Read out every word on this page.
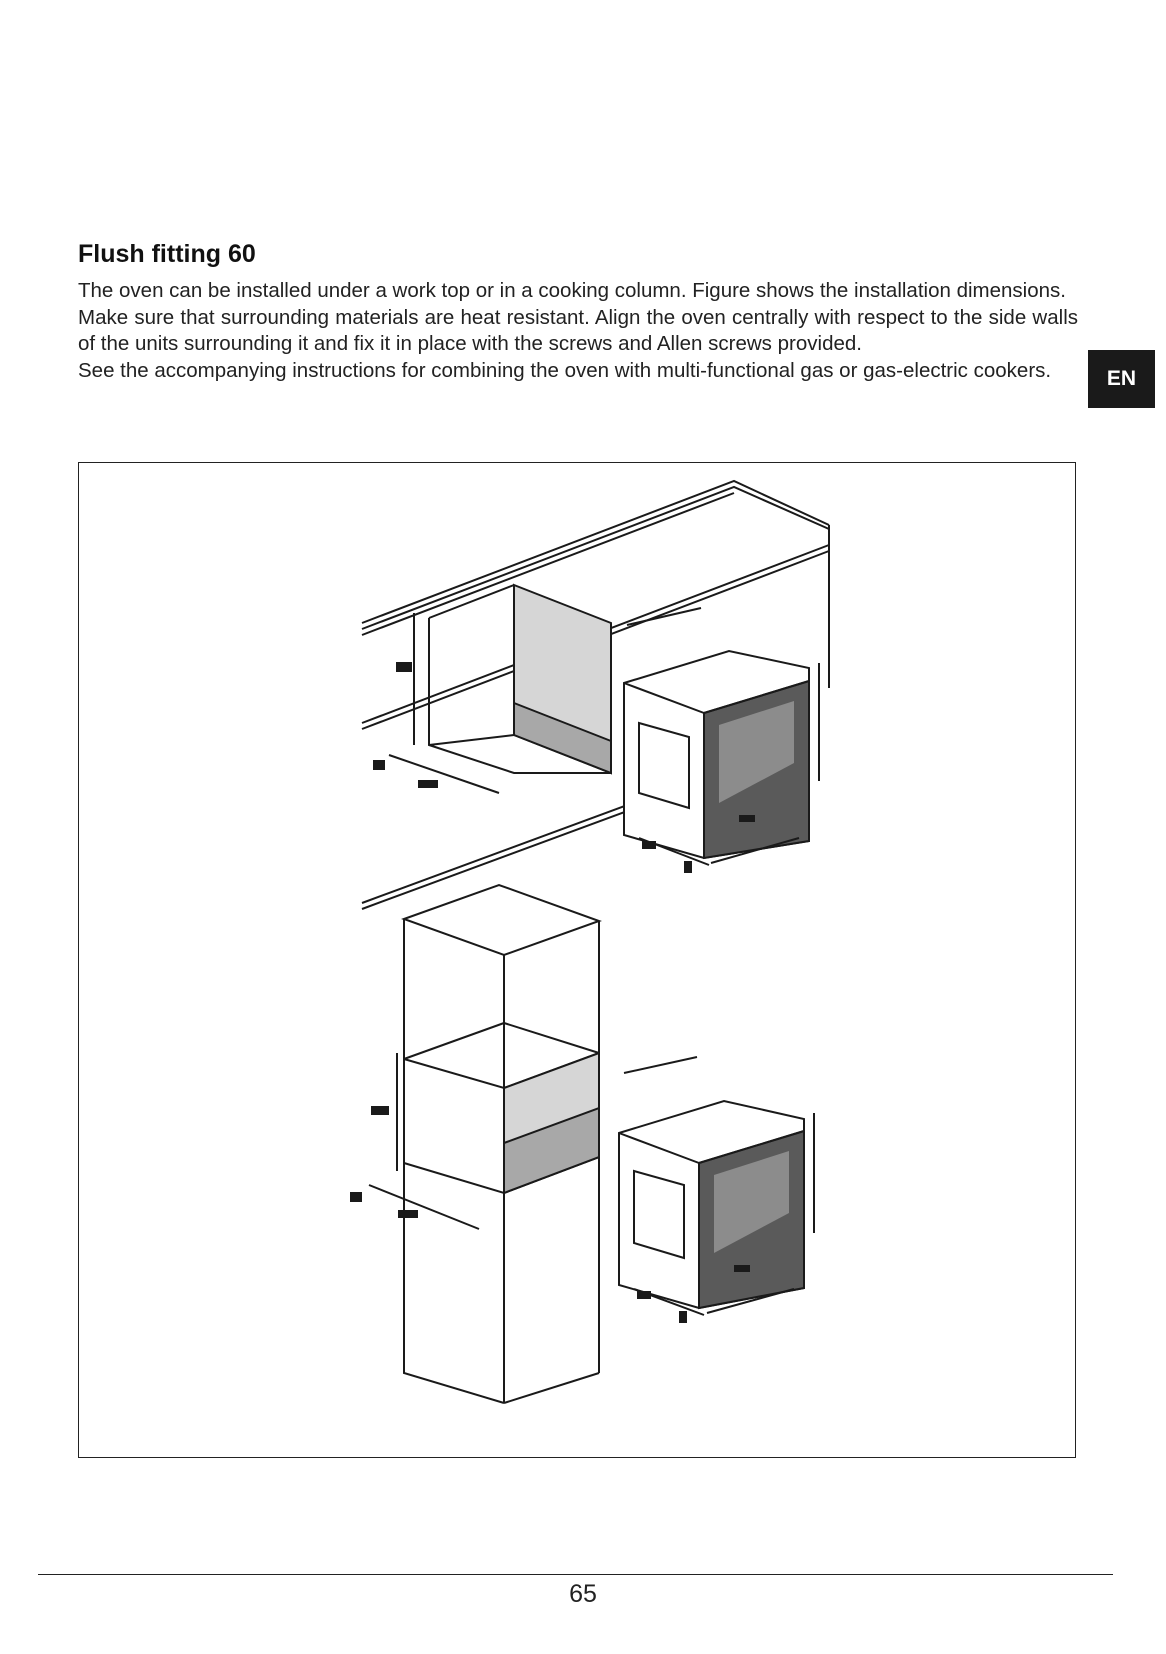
Flush fitting 60

The oven can be installed under a work top or in a cooking column. Figure shows the installation dimensions.

Make sure that surrounding materials are heat resistant. Align the oven centrally with respect to the side walls of the units surrounding it and fix it in place with the screws and Allen screws provided.

See the accompanying instructions for combining the oven with multi-functional gas or gas-electric cookers.	EN
65
